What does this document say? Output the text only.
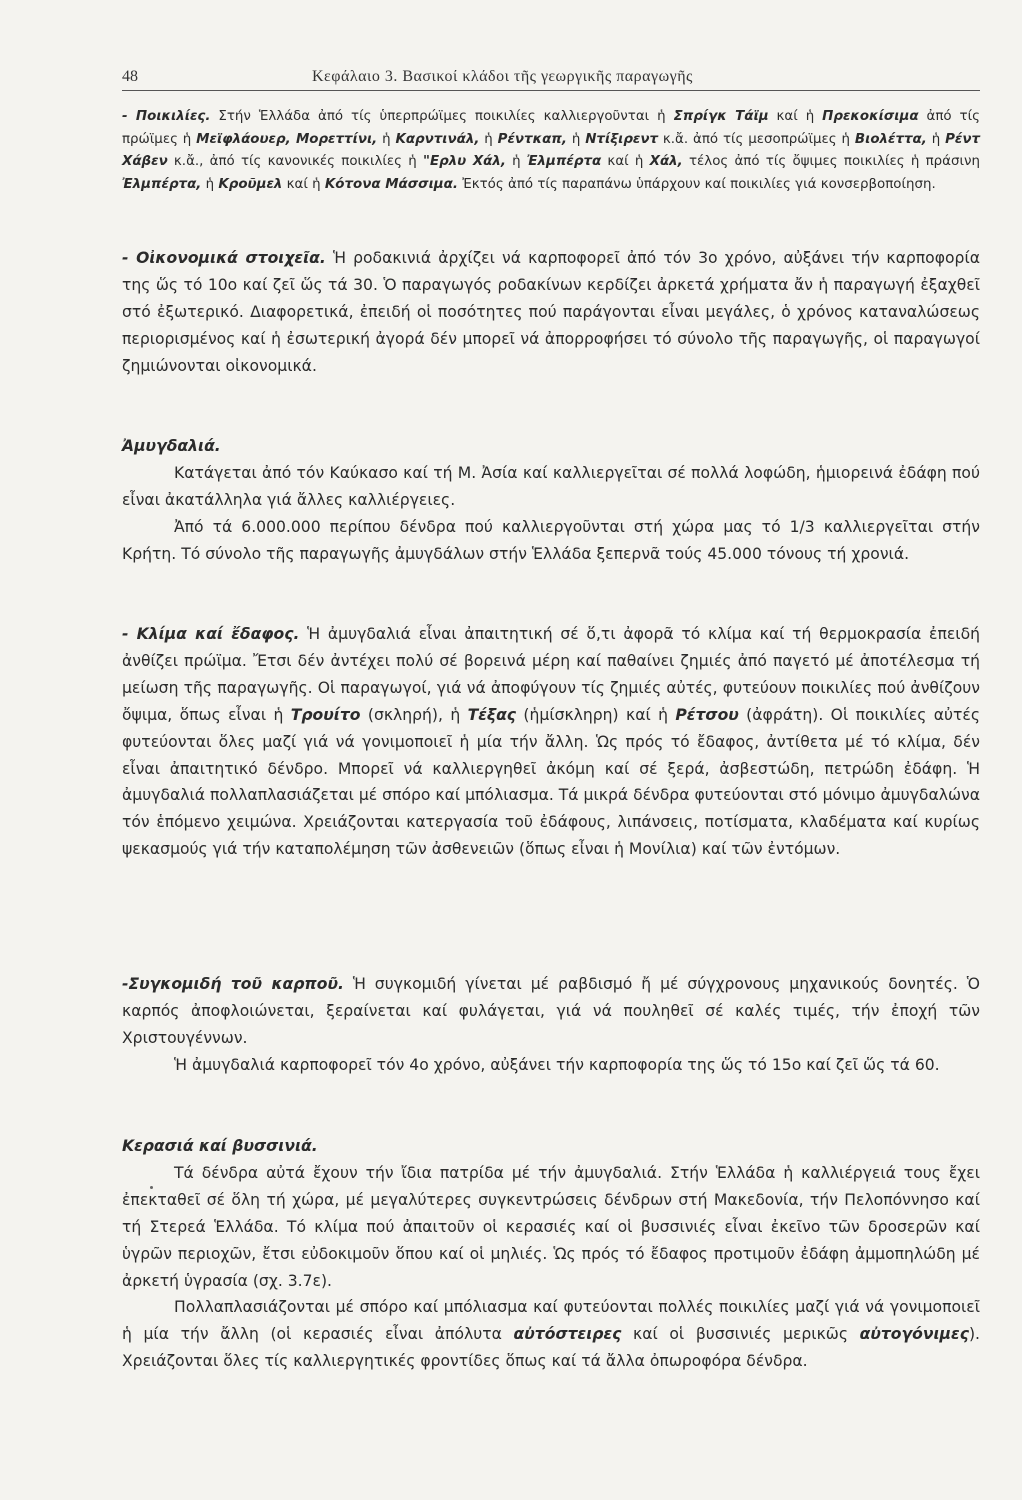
48	Κεφάλαιο 3. Βασικοί κλάδοι τῆς γεωργικῆς παραγωγῆς

- Ποικιλίες. Στήν Ἑλλάδα ἀπό τίς ὑπερπρώϊμες ποικιλίες καλλιεργοῦνται ἡ Σπρίγκ Τάϊμ καί ἡ Πρεκοκίσιμα ἀπό τίς πρώϊμες ἡ Μεϊφλάουερ, Μορεττίνι, ἡ Καρντινάλ, ἡ Ρέντκαπ, ἡ Ντίξιρεντ κ.ἄ. ἀπό τίς μεσοπρώϊμες ἡ Βιολέττα, ἡ Ρέντ Χάβεν κ.ἄ., ἀπό τίς κανονικές ποικιλίες ἡ "Ερλυ Χάλ, ἡ Ἐλμπέρτα καί ἡ Χάλ, τέλος ἀπό τίς ὄψιμες ποικιλίες ἡ πράσινη Ἐλμπέρτα, ἡ Κροῦμελ καί ἡ Κότονα Μάσσιμα. Ἐκτός ἀπό τίς παραπάνω ὑπάρχουν καί ποικιλίες γιά κονσερβοποίηση.

- Οἰκονομικά στοιχεῖα. Ἡ ροδακινιά ἀρχίζει νά καρποφορεῖ ἀπό τόν 3ο χρόνο, αὐξάνει τήν καρποφορία της ὥς τό 10ο καί ζεῖ ὥς τά 30. Ὁ παραγωγός ροδακίνων κερδίζει ἀρκετά χρήματα ἄν ἡ παραγωγή ἐξαχθεῖ στό ἐξωτερικό. Διαφορετικά, ἐπειδή οἱ ποσότητες πού παράγονται εἶναι μεγάλες, ὁ χρόνος καταναλώσεως περιορισμένος καί ἡ ἐσωτερική ἀγορά δέν μπορεῖ νά ἀπορροφήσει τό σύνολο τῆς παραγωγῆς, οἱ παραγωγοί ζημιώνονται οἰκονομικά.

Ἀμυγδαλιά.

Κατάγεται ἀπό τόν Καύκασο καί τή Μ. Ἀσία καί καλλιεργεῖται σέ πολλά λοφώδη, ἡμιορεινά ἐδάφη πού εἶναι ἀκατάλληλα γιά ἄλλες καλλιέργειες.

Ἀπό τά 6.000.000 περίπου δένδρα πού καλλιεργοῦνται στή χώρα μας τό 1/3 καλλιεργεῖται στήν Κρήτη. Τό σύνολο τῆς παραγωγῆς ἀμυγδάλων στήν Ἑλλάδα ξεπερνᾶ τούς 45.000 τόνους τή χρονιά.

- Κλίμα καί ἔδαφος. Ἡ ἀμυγδαλιά εἶναι ἀπαιτητική σέ ὅ,τι ἀφορᾶ τό κλίμα καί τή θερμοκρασία ἐπειδή ἀνθίζει πρώϊμα. Ἔτσι δέν ἀντέχει πολύ σέ βορεινά μέρη καί παθαίνει ζημιές ἀπό παγετό μέ ἀποτέλεσμα τή μείωση τῆς παραγωγῆς. Οἱ παραγωγοί, γιά νά ἀποφύγουν τίς ζημιές αὐτές, φυτεύουν ποικιλίες πού ἀνθίζουν ὄψιμα, ὅπως εἶναι ἡ Τρουίτο (σκληρή), ἡ Τέξας (ἡμίσκληρη) καί ἡ Ρέτσου (ἀφράτη). Οἱ ποικιλίες αὐτές φυτεύονται ὅλες μαζί γιά νά γονιμοποιεῖ ἡ μία τήν ἄλλη. Ὡς πρός τό ἔδαφος, ἀντίθετα μέ τό κλίμα, δέν εἶναι ἀπαιτητικό δένδρο. Μπορεῖ νά καλλιεργηθεῖ ἀκόμη καί σέ ξερά, ἀσβεστώδη, πετρώδη ἐδάφη. Ἡ ἀμυγδαλιά πολλαπλασιάζεται μέ σπόρο καί μπόλιασμα. Τά μικρά δένδρα φυτεύονται στό μόνιμο ἀμυγδαλώνα τόν ἑπόμενο χειμώνα. Χρειάζονται κατεργασία τοῦ ἐδάφους, λιπάνσεις, ποτίσματα, κλαδέματα καί κυρίως ψεκασμούς γιά τήν καταπολέμηση τῶν ἀσθενειῶν (ὅπως εἶναι ἡ Μονίλια) καί τῶν ἐντόμων.

-Συγκομιδή τοῦ καρποῦ. Ἡ συγκομιδή γίνεται μέ ραβδισμό ἤ μέ σύγχρονους μηχανικούς δονητές. Ὁ καρπός ἀποφλοιώνεται, ξεραίνεται καί φυλάγεται, γιά νά πουληθεῖ σέ καλές τιμές, τήν ἐποχή τῶν Χριστουγέννων.

Ἡ ἀμυγδαλιά καρποφορεῖ τόν 4ο χρόνο, αὐξάνει τήν καρποφορία της ὥς τό 15ο καί ζεῖ ὥς τά 60.

Κερασιά καί βυσσινιά.

Τά δένδρα αὐτά ἔχουν τήν ἴδια πατρίδα μέ τήν ἀμυγδαλιά. Στήν Ἑλλάδα ἡ καλλιέργειά τους ἔχει ἐπεκταθεῖ σέ ὅλη τή χώρα, μέ μεγαλύτερες συγκεντρώσεις δένδρων στή Μακεδονία, τήν Πελοπόννησο καί τή Στερεά Ἑλλάδα. Τό κλίμα πού ἀπαιτοῦν οἱ κερασιές καί οἱ βυσσινιές εἶναι ἐκεῖνο τῶν δροσερῶν καί ὑγρῶν περιοχῶν, ἔτσι εὐδοκιμοῦν ὅπου καί οἱ μηλιές. Ὡς πρός τό ἔδαφος προτιμοῦν ἐδάφη ἀμμοπηλώδη μέ ἀρκετή ὑγρασία (σχ. 3.7ε).

Πολλαπλασιάζονται μέ σπόρο καί μπόλιασμα καί φυτεύονται πολλές ποικιλίες μαζί γιά νά γονιμοποιεῖ ἡ μία τήν ἄλλη (οἱ κερασιές εἶναι ἀπόλυτα αὐτόστειρες καί οἱ βυσσινιές μερικῶς αὐτογόνιμες). Χρειάζονται ὅλες τίς καλλιεργητικές φροντίδες ὅπως καί τά ἄλλα ὀπωροφόρα δένδρα.
